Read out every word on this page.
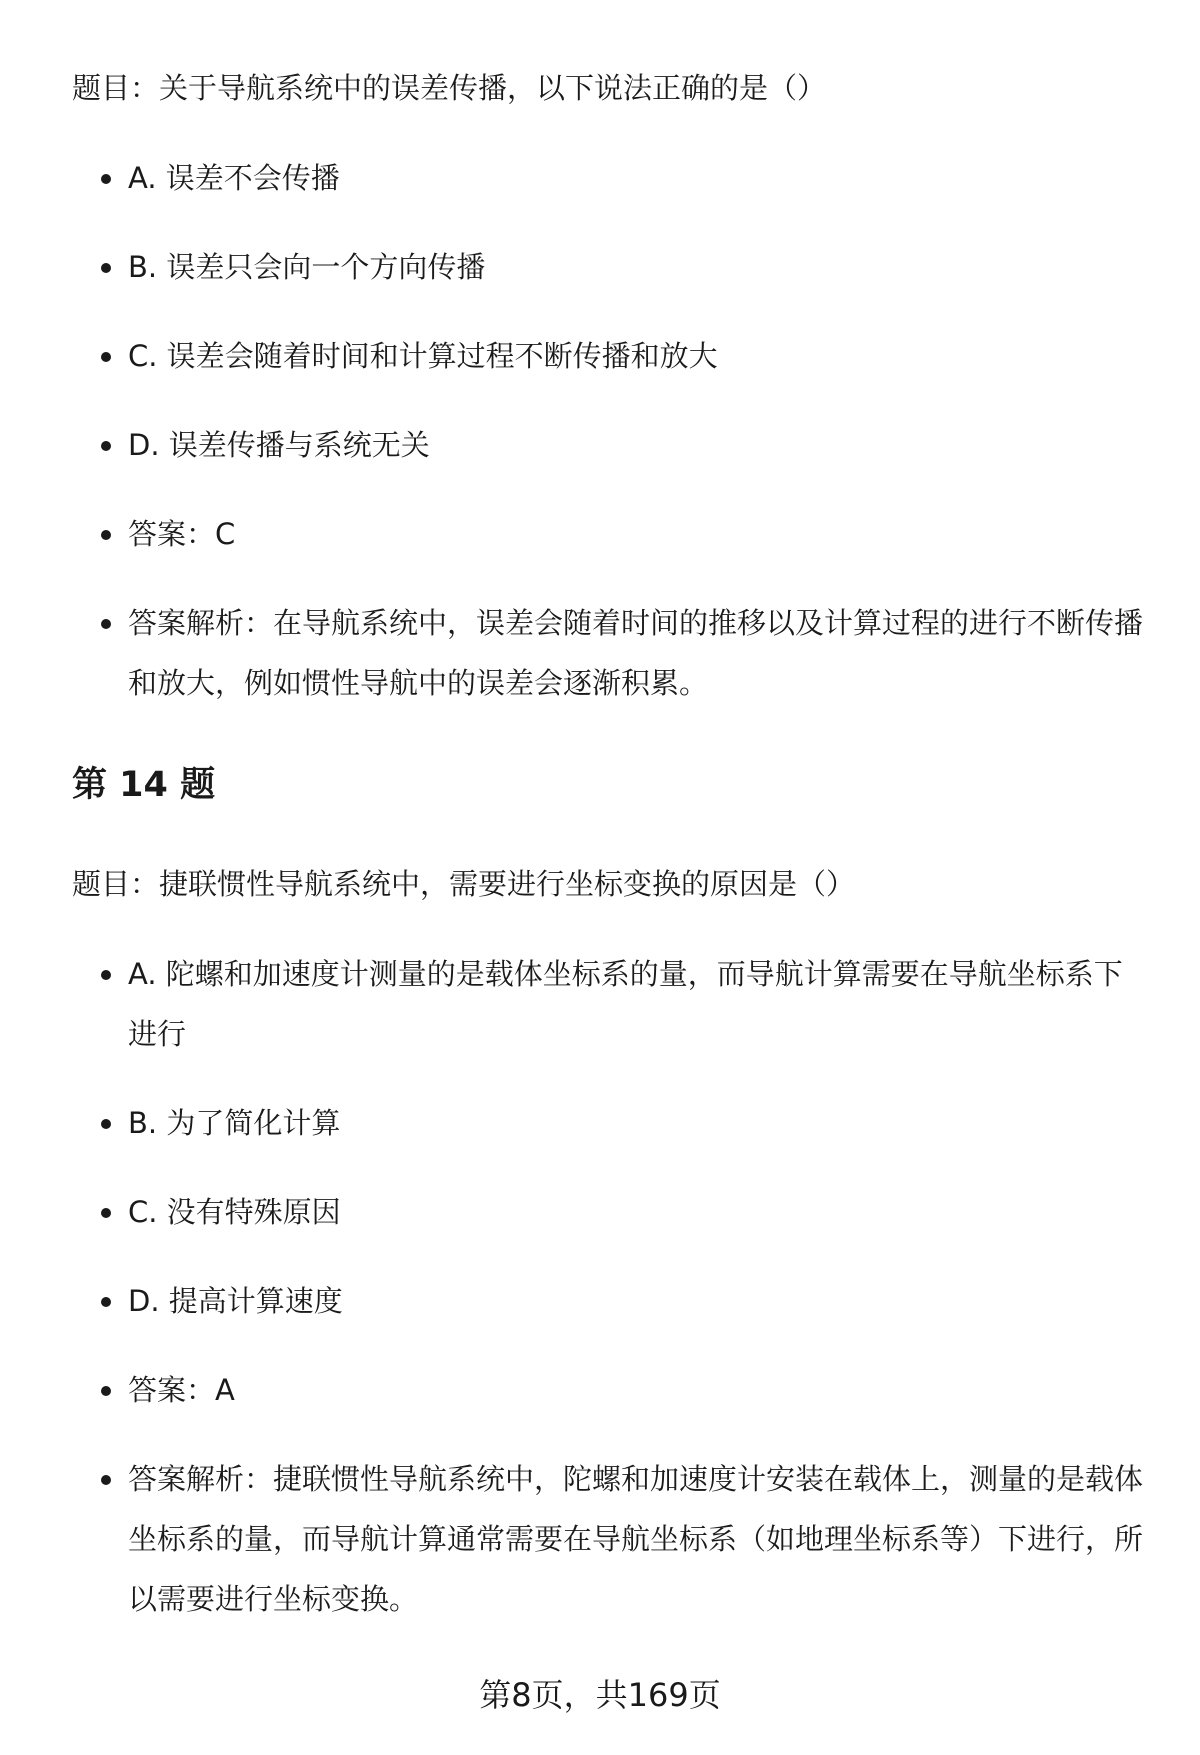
题目：关于导航系统中的误差传播，以下说法正确的是（）

A. 误差不会传播
B. 误差只会向一个方向传播
C. 误差会随着时间和计算过程不断传播和放大
D. 误差传播与系统无关
答案：C
答案解析：在导航系统中，误差会随着时间的推移以及计算过程的进行不断传播和放大，例如惯性导航中的误差会逐渐积累。
第 14 题

题目：捷联惯性导航系统中，需要进行坐标变换的原因是（）

A. 陀螺和加速度计测量的是载体坐标系的量，而导航计算需要在导航坐标系下进行
B. 为了简化计算
C. 没有特殊原因
D. 提高计算速度
答案：A
答案解析：捷联惯性导航系统中，陀螺和加速度计安装在载体上，测量的是载体坐标系的量，而导航计算通常需要在导航坐标系（如地理坐标系等）下进行，所以需要进行坐标变换。
第8页，共169页
